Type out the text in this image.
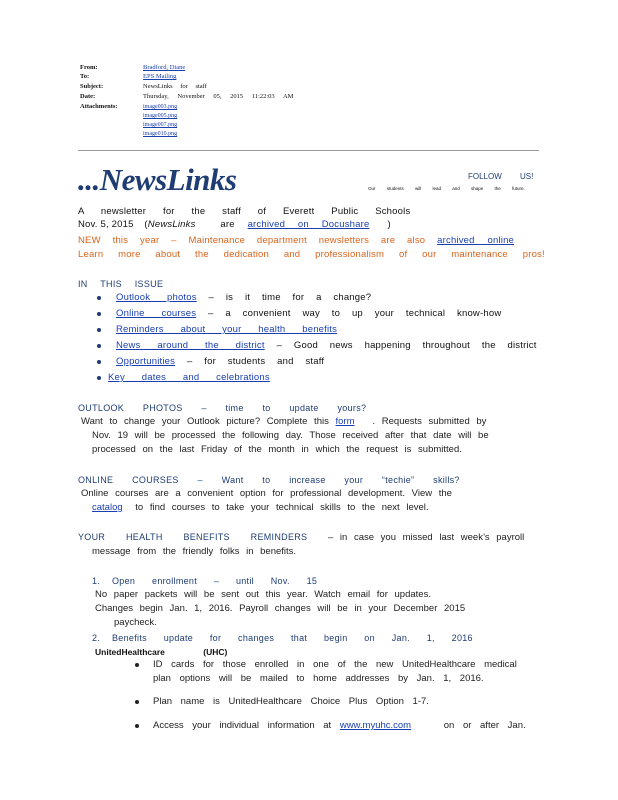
From:	Bradford, Diane
To:	EPS Mailing
Subject:	NewsLinks for staff
Date:	Thursday, November 05, 2015 11:22:03 AM
Attachments:	image003.png
image005.png
image007.png
image010.png
...NewsLinks	FOLLOW US!
Our students will lead and shape the future.
A newsletter for the staff of Everett Public Schools
Nov. 5, 2015 (NewsLinks	are archived on Docushare )
NEW this year – Maintenance department newsletters are also archived online
Learn more about the dedication and professionalism of our maintenance pros!
IN THIS ISSUE
Outlook photos – is it time for a change?
Online courses – a convenient way to up your technical know-how
Reminders about your health benefits
News around the district – Good news happening throughout the district
Opportunities – for students and staff
Key dates and celebrations
OUTLOOK PHOTOS – time to update yours?
Want to change your Outlook picture? Complete this form . Requests submitted by
Nov. 19 will be processed the following day. Those received after that date will be
processed on the last Friday of the month in which the request is submitted.
ONLINE COURSES – Want to increase your “techie” skills?
Online courses are a convenient option for professional development. View the
catalog to find courses to take your technical skills to the next level.
YOUR HEALTH BENEFITS REMINDERS – in case you missed last week’s payroll
message from the friendly folks in benefits.
1. Open enrollment – until Nov. 15
No paper packets will be sent out this year. Watch email for updates.
Changes begin Jan. 1, 2016. Payroll changes will be in your December 2015
paycheck.
2. Benefits update for changes that begin on Jan. 1, 2016
UnitedHealthcare (UHC)
ID cards for those enrolled in one of the new UnitedHealthcare medical
plan options will be mailed to home addresses by Jan. 1, 2016.
Plan name is UnitedHealthcare Choice Plus Option 1-7.
Access your individual information at www.myuhc.com	on or after Jan.
